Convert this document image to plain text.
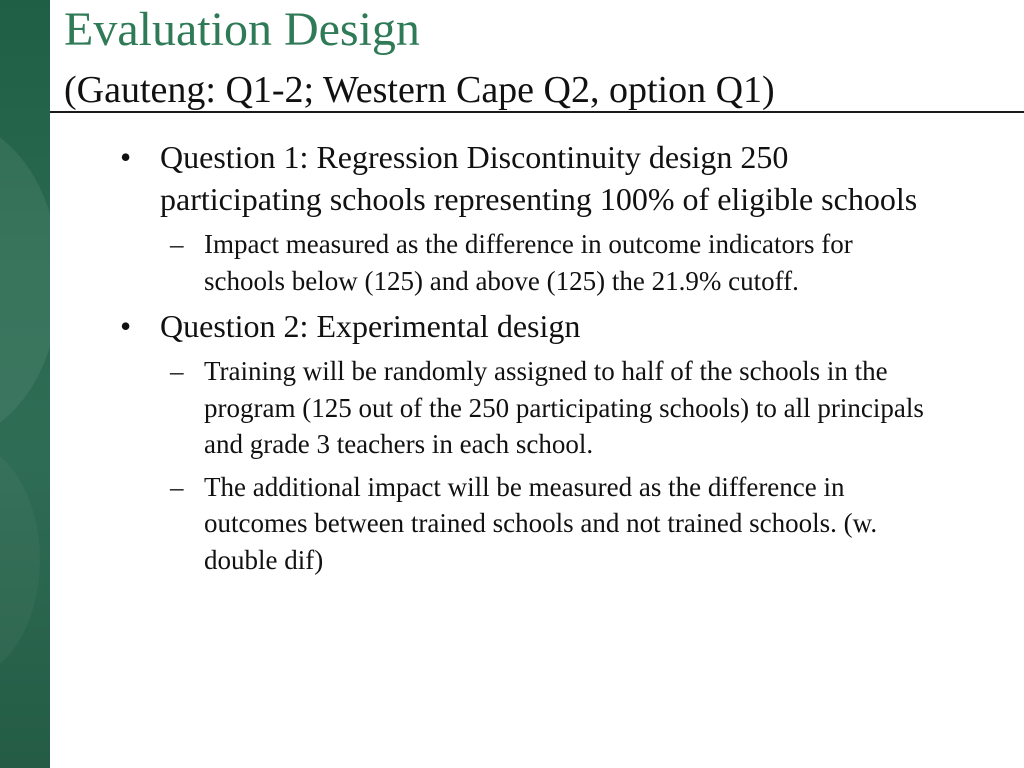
Evaluation Design
(Gauteng: Q1-2; Western Cape Q2, option Q1)
• Question 1: Regression Discontinuity design 250 participating schools representing 100% of eligible schools
– Impact measured as the difference in outcome indicators for schools below (125) and above (125) the 21.9% cutoff.
• Question 2: Experimental design
– Training will be randomly assigned to half of the schools in the program (125 out of the 250 participating schools) to all principals and grade 3 teachers in each school.
– The additional impact will be measured as the difference in outcomes between trained schools and not trained schools. (w. double dif)
